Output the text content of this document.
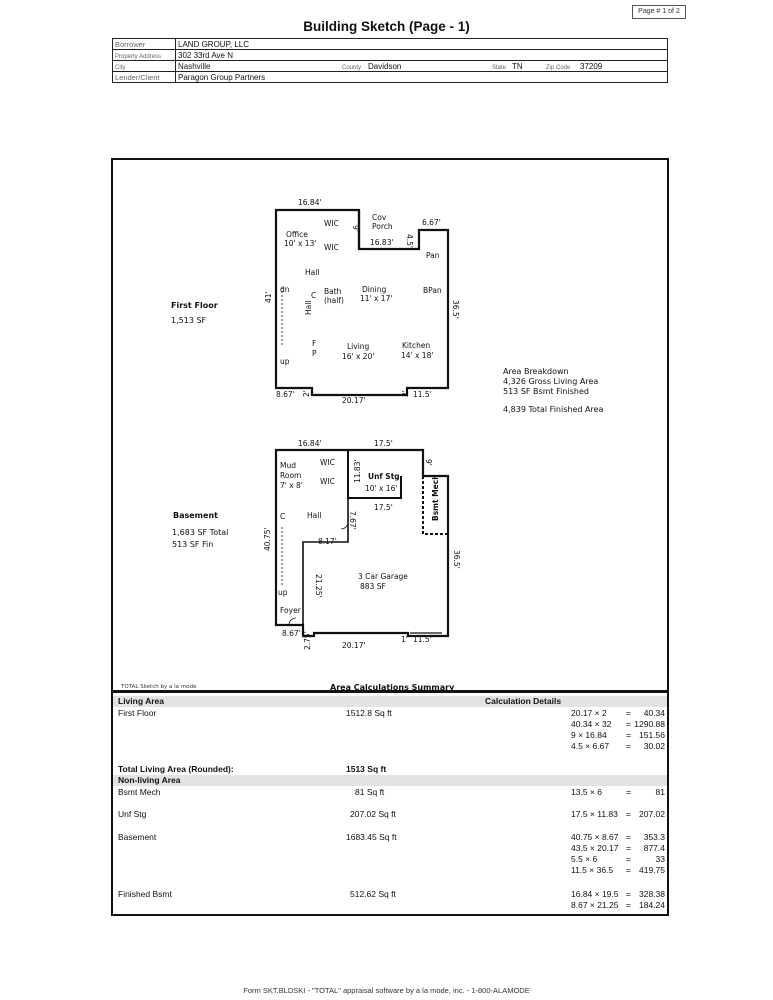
Page # 1 of 2
Building Sketch (Page - 1)
Borrower	LAND GROUP, LLC						
Property Address	302 33rd Ave N						
City	Nashville	County	Davidson	State	TN	Zip Code	37209
Lender/Client	Paragon Group Partners						
16.84'
6.67'
16.83' 4.5'
9'
41'
36.5'
8.67' 2'
20.17'
2' 11.5'
Cov
Porch
WIC
WIC
Office
10' x 13'
Hall
dn
C
Hall
Bath
(half)
Dining
11' x 17'
Pan
BPan
F
P
up
Living
16' x 20'
Kitchen
14' x 18'
First Floor
1,513 SF
Area Breakdown
4,326 Gross Living Area
513 SF Bsmt Finished
4,839 Total Finished Area
16.84'	17.5'
9'
11.83'
17.5'
7.67'
40.75'	8.17'
21.25'
36.5'
8.67' 2.75'	20.17'
1' 11.5'
Mud
Room
7' x 8'
WIC
WIC
Unf Stg
10' x 16'	Bsmt Mech
C	Hall
3 Car Garage
883 SF
up
Foyer
Basement
1,683 SF Total
513 SF Fin
TOTAL Sketch by a la mode	Area Calculations Summary
Living Area	Calculation Details
First Floor	1512.8 Sq ft	20.17 × 2 =	40.34
40.34 × 32 = 1290.88
9 × 16.84 = 151.56
4.5 × 6.67 =	30.02
Total Living Area (Rounded):	1513 Sq ft
Non-living Area
Bsmt Mech	81 Sq ft	13.5 × 6	=	81
Unf Stg	207.02 Sq ft	17.5 × 11.83 = 207.02
Basement	1683.45 Sq ft	40.75 × 8.67 =	353.3
43.5 × 20.17 =	877.4
5.5 × 6	=	33
11.5 × 36.5 = 419.75
Finished Bsmt	512.62 Sq ft	16.84 × 19.5 = 328.38
8.67 × 21.25 = 184.24
Form SKT.BLDSKI - "TOTAL" appraisal software by a la mode, inc. - 1-800-ALAMODE
